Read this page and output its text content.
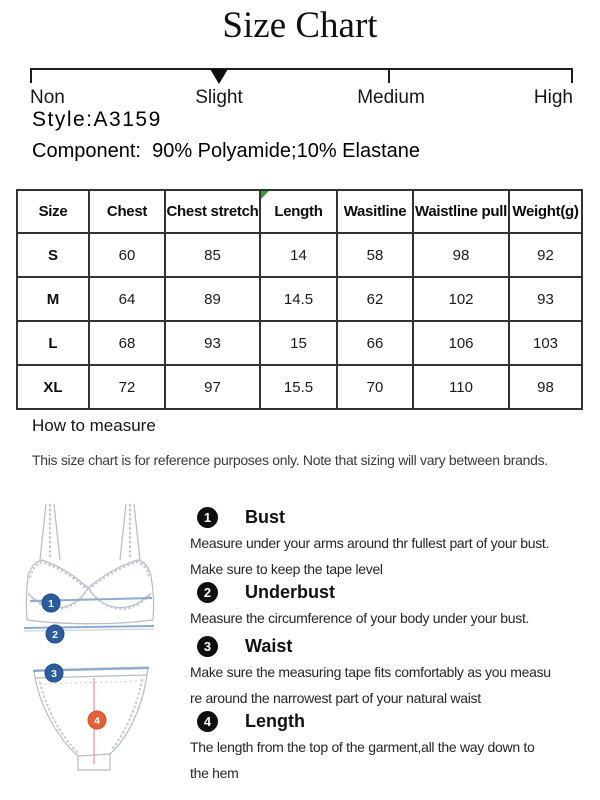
Size Chart
Non	Slight	Medium	High
Style:A3159
Component:  90% Polyamide;10% Elastane
Size	Chest	Chest stretch	Length	Wasitline	Waistline pull	Weight(g)
S	60	85	14	58	98	92
M	64	89	14.5	62	102	93
L	68	93	15	66	106	103
XL	72	97	15.5	70	110	98
How to measure
This size chart is for reference purposes only. Note that sizing will vary between brands.
1
2
3
4
1	Bust
Measure under your arms around thr fullest part of your bust.
Make sure to keep the tape level
2	Underbust
Measure the circumference of your body under your bust.
3	Waist
Make sure the measuring tape fits comfortably as you measu
re around the narrowest part of your natural waist
4	Length
The length from the top of the garment,all the way down to
the hem
